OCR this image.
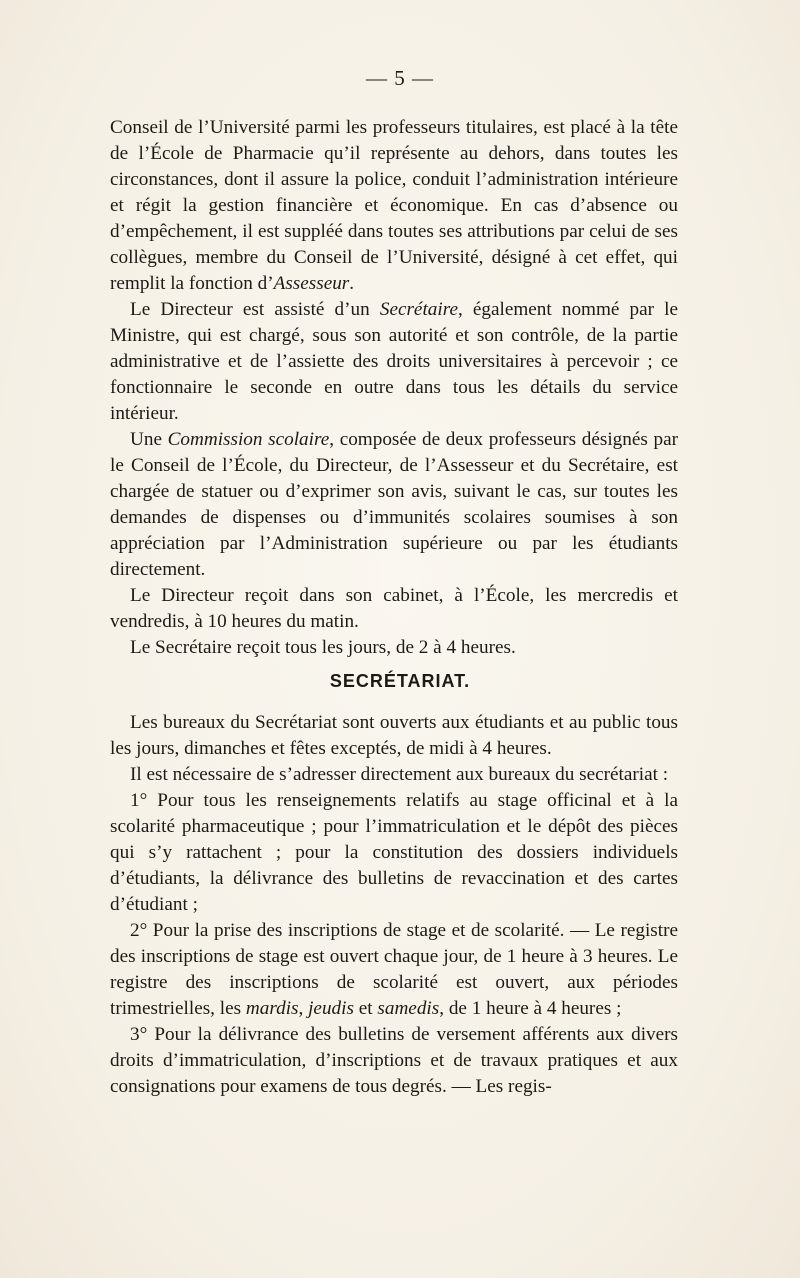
— 5 —

Conseil de l’Université parmi les professeurs titulaires, est placé à la tête de l’École de Pharmacie qu’il représente au dehors, dans toutes les circonstances, dont il assure la police, conduit l’administration intérieure et régit la gestion financière et économique. En cas d’absence ou d’empêchement, il est suppléé dans toutes ses attributions par celui de ses collègues, membre du Conseil de l’Université, désigné à cet effet, qui remplit la fonction d’Assesseur.

Le Directeur est assisté d’un Secrétaire, également nommé par le Ministre, qui est chargé, sous son autorité et son contrôle, de la partie administrative et de l’assiette des droits universitaires à percevoir ; ce fonctionnaire le seconde en outre dans tous les détails du service intérieur.

Une Commission scolaire, composée de deux professeurs désignés par le Conseil de l’École, du Directeur, de l’Assesseur et du Secrétaire, est chargée de statuer ou d’exprimer son avis, suivant le cas, sur toutes les demandes de dispenses ou d’immunités scolaires soumises à son appréciation par l’Administration supérieure ou par les étudiants directement.

Le Directeur reçoit dans son cabinet, à l’École, les mercredis et vendredis, à 10 heures du matin.

Le Secrétaire reçoit tous les jours, de 2 à 4 heures.

SECRÉTARIAT.

Les bureaux du Secrétariat sont ouverts aux étudiants et au public tous les jours, dimanches et fêtes exceptés, de midi à 4 heures.

Il est nécessaire de s’adresser directement aux bureaux du secrétariat :

1° Pour tous les renseignements relatifs au stage officinal et à la scolarité pharmaceutique ; pour l’immatriculation et le dépôt des pièces qui s’y rattachent ; pour la constitution des dossiers individuels d’étudiants, la délivrance des bulletins de revaccination et des cartes d’étudiant ;

2° Pour la prise des inscriptions de stage et de scolarité. — Le registre des inscriptions de stage est ouvert chaque jour, de 1 heure à 3 heures. Le registre des inscriptions de scolarité est ouvert, aux périodes trimestrielles, les mardis, jeudis et samedis, de 1 heure à 4 heures ;

3° Pour la délivrance des bulletins de versement afférents aux divers droits d’immatriculation, d’inscriptions et de travaux pratiques et aux consignations pour examens de tous degrés. — Les regis-
